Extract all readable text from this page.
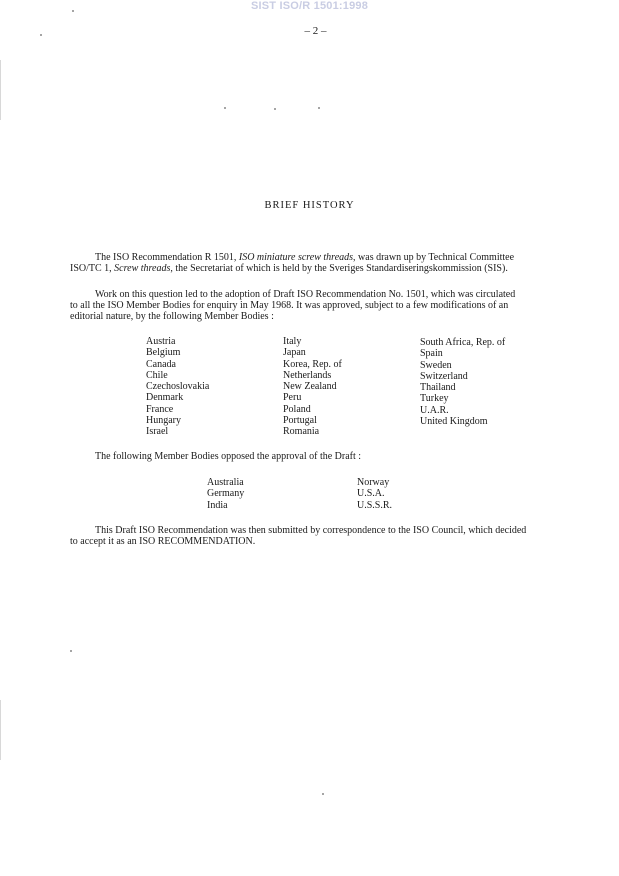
SIST ISO/R 1501:1998
– 2 –
BRIEF HISTORY
The ISO Recommendation R 1501, ISO miniature screw threads, was drawn up by Technical Committee
ISO/TC 1, Screw threads, the Secretariat of which is held by the Sveriges Standardiseringskommission (SIS).
Work on this question led to the adoption of Draft ISO Recommendation No. 1501, which was circulated
to all the ISO Member Bodies for enquiry in May 1968. It was approved, subject to a few modifications of an
editorial nature, by the following Member Bodies :
Austria
Belgium
Canada
Chile
Czechoslovakia
Denmark
France
Hungary
Israel
Italy
Japan
Korea, Rep. of
Netherlands
New Zealand
Peru
Poland
Portugal
Romania
South Africa, Rep. of
Spain
Sweden
Switzerland
Thailand
Turkey
U.A.R.
United Kingdom
The following Member Bodies opposed the approval of the Draft :
Australia
Germany
India
Norway
U.S.A.
U.S.S.R.
This Draft ISO Recommendation was then submitted by correspondence to the ISO Council, which decided
to accept it as an ISO RECOMMENDATION.
